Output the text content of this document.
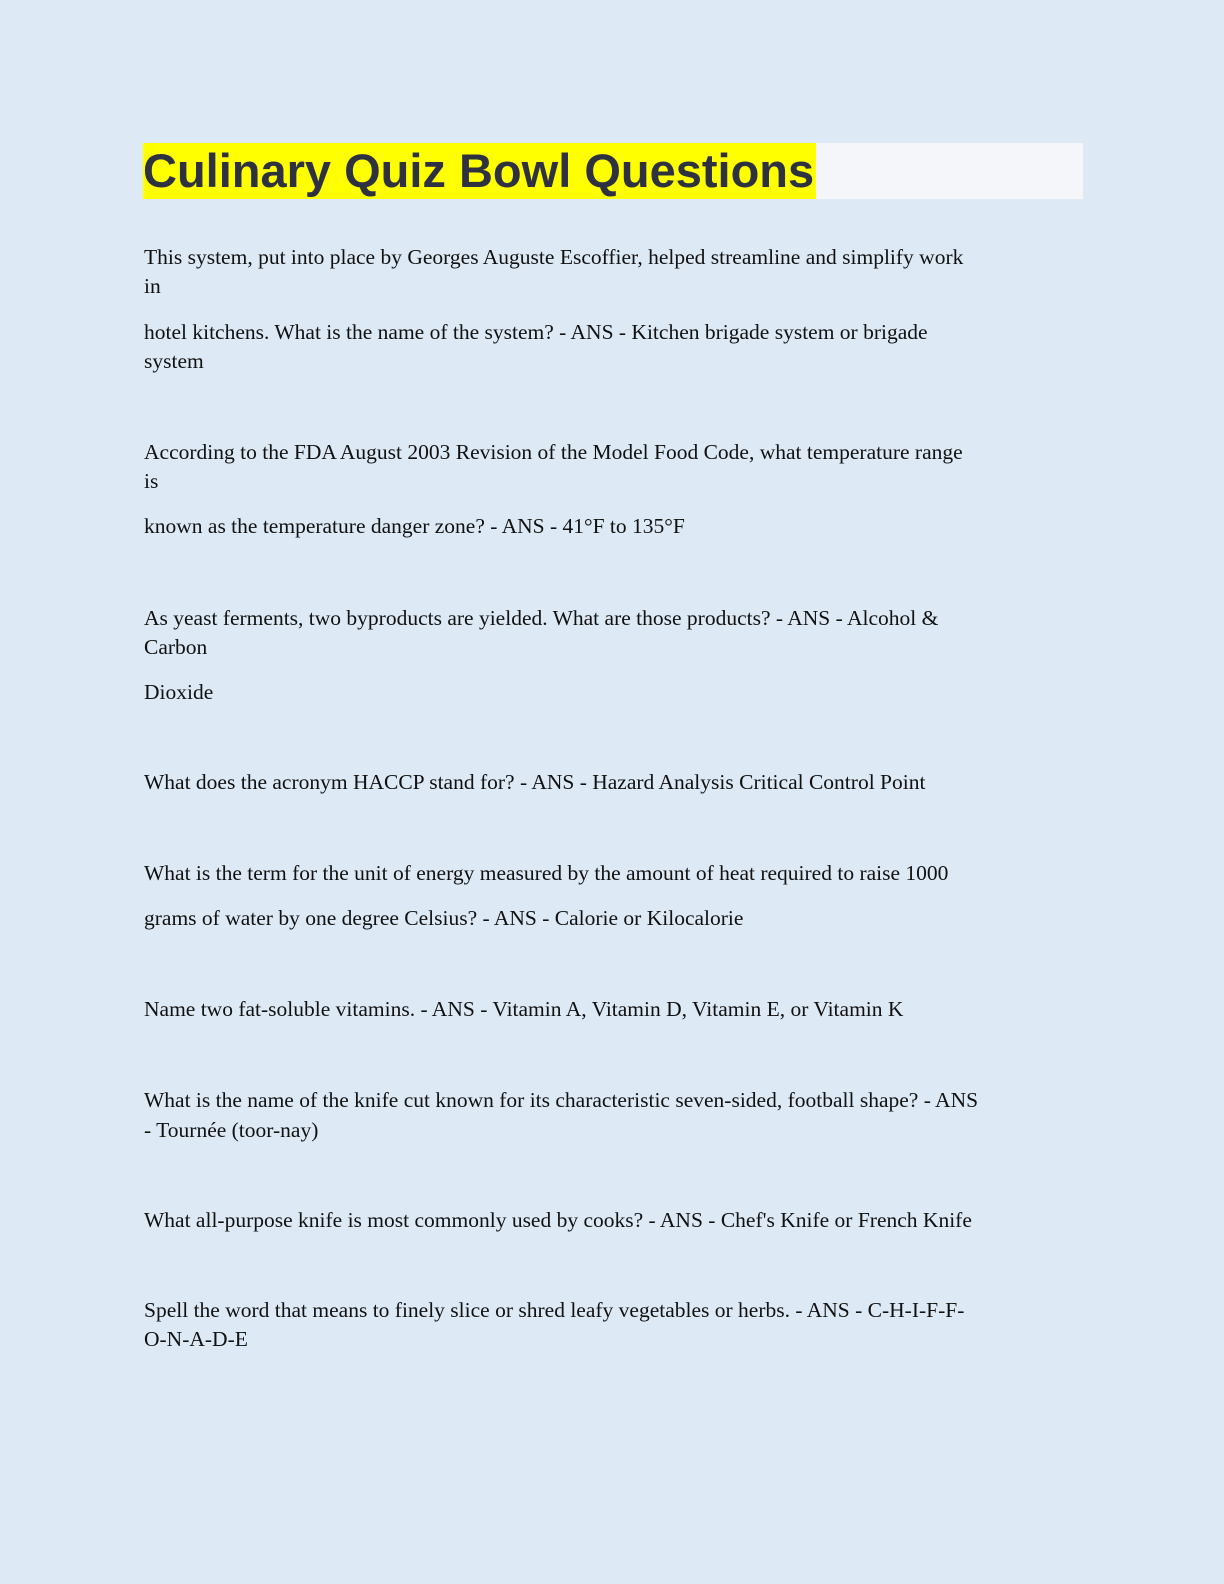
Culinary Quiz Bowl Questions
This system, put into place by Georges Auguste Escoffier, helped streamline and simplify work
in
hotel kitchens. What is the name of the system? - ANS - Kitchen brigade system or brigade
system
According to the FDA August 2003 Revision of the Model Food Code, what temperature range
is
known as the temperature danger zone? - ANS - 41°F to 135°F
As yeast ferments, two byproducts are yielded. What are those products? - ANS - Alcohol &
Carbon
Dioxide
What does the acronym HACCP stand for? - ANS - Hazard Analysis Critical Control Point
What is the term for the unit of energy measured by the amount of heat required to raise 1000
grams of water by one degree Celsius? - ANS - Calorie or Kilocalorie
Name two fat-soluble vitamins. - ANS - Vitamin A, Vitamin D, Vitamin E, or Vitamin K
What is the name of the knife cut known for its characteristic seven-sided, football shape? - ANS
- Tournée (toor-nay)
What all-purpose knife is most commonly used by cooks? - ANS - Chef's Knife or French Knife
Spell the word that means to finely slice or shred leafy vegetables or herbs. - ANS - C-H-I-F-F-
O-N-A-D-E
